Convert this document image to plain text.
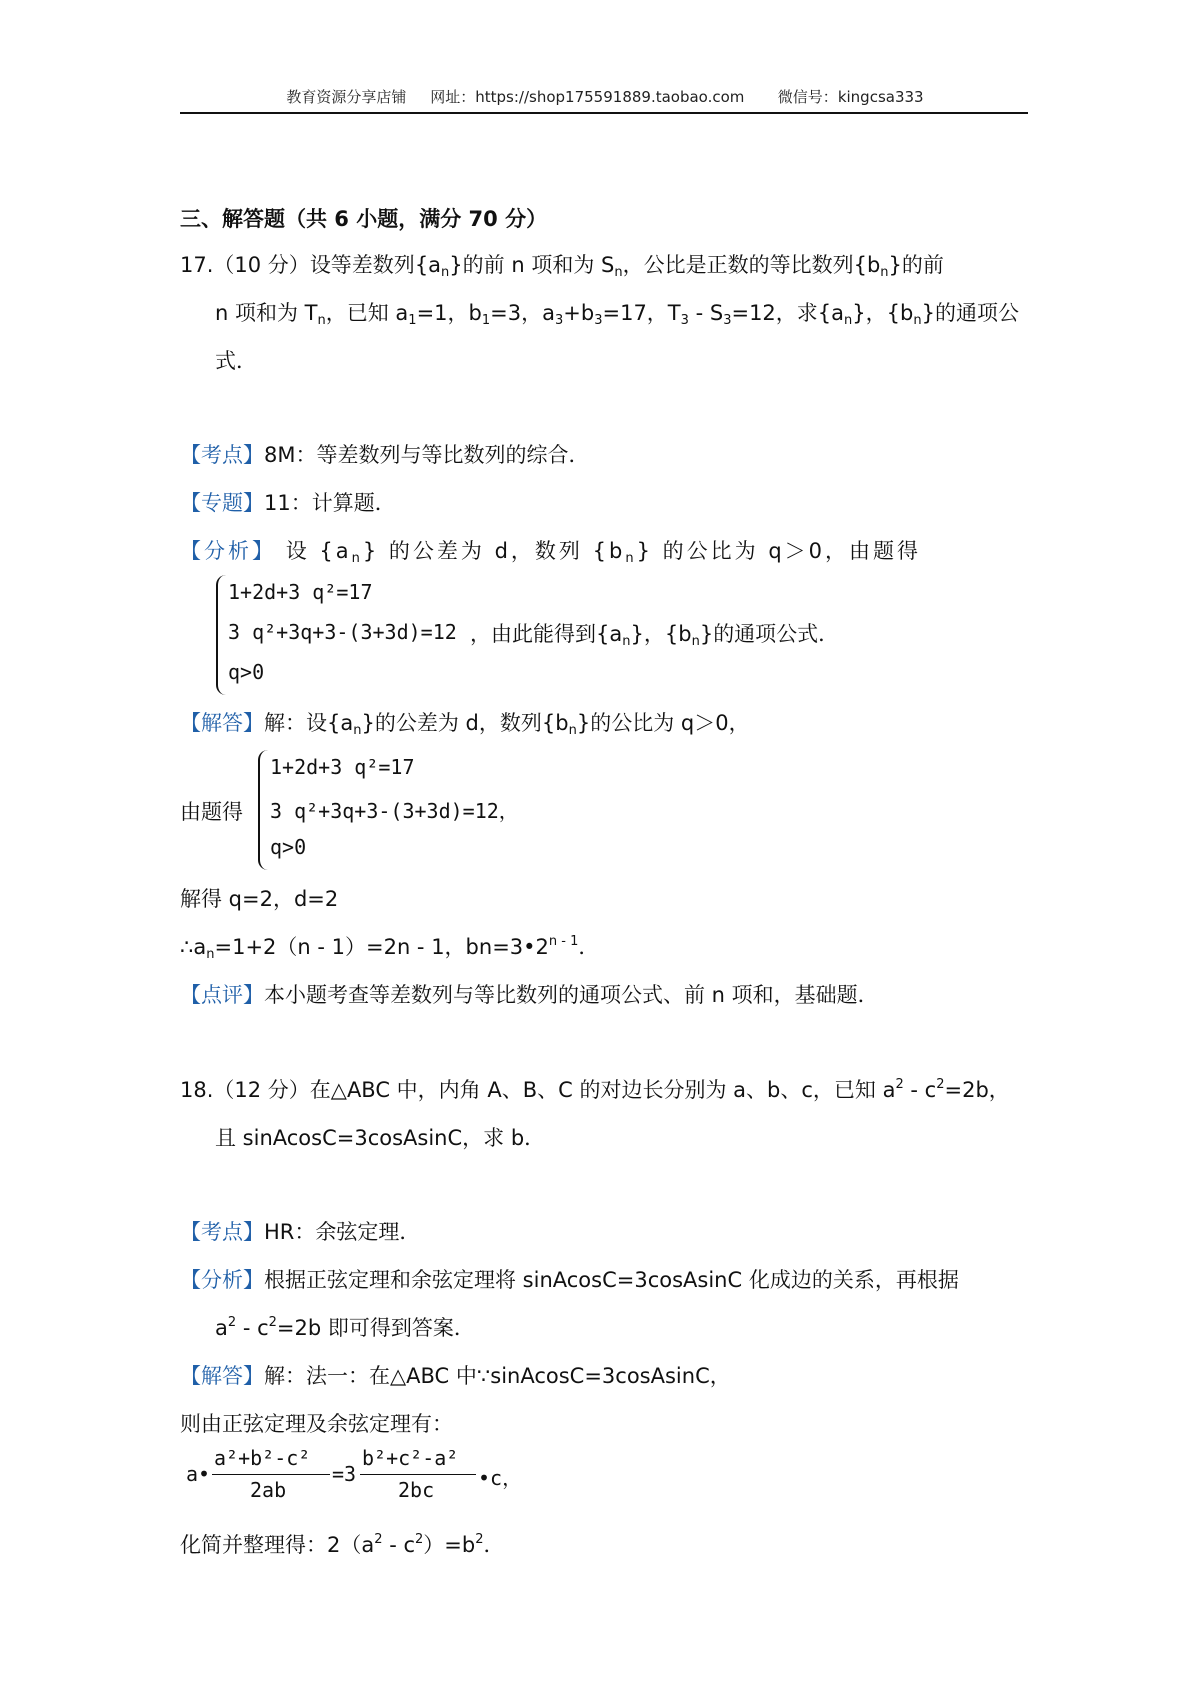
教育资源分享店铺 网址：https://shop175591889.taobao.com 微信号：kingcsa333
三、解答题（共 6 小题，满分 70 分）
17.（10 分）设等差数列$\{a_n\}$的前 n 项和为 $S_n$，公比是正数的等比数列$\{b_n\}$的前
n 项和为 $T_n$，已知 $a_1=1$，$b_1=3$，$a_3+b_3=17$，$T_3 - S_3=12$，求$\{a_n\}$，$\{b_n\}$的通项公
式．
【考点】8M：等差数列与等比数列的综合．
【专题】11：计算题．
【分析】 设 $\{a_n\}$ 的公差为 d，数列 $\{b_n\}$ 的公比为 q＞0，由题得
1+2d+3 q²=17
3 q²+3q+3-(3+3d)=12
q>0
，由此能得到$\{a_n\}$，$\{b_n\}$的通项公式．
【解答】解：设$\{a_n\}$的公差为 d，数列$\{b_n\}$的公比为 q＞0，
由题得
1+2d+3 q²=17
3 q²+3q+3-(3+3d)=12，
q>0
解得 q=2，d=2
$\therefore a_n=1+2(n - 1)=2n - 1$，$bn=3•2^{n - 1}$．
【点评】本小题考查等差数列与等比数列的通项公式、前 n 项和，基础题．
18.（12 分）在△ABC 中，内角 A、B、C 的对边长分别为 a、b、c，已知 $a^2 - c^2=2b$，
且 sinAcosC=3cosAsinC，求 b．
【考点】HR：余弦定理．
【分析】根据正弦定理和余弦定理将 sinAcosC=3cosAsinC 化成边的关系，再根据
$a^2 - c^2=2b$ 即可得到答案．
【解答】解：法一：在△ABC 中∵sinAcosC=3cosAsinC，
则由正弦定理及余弦定理有：
a•
a²+b²-c²
2ab
=3
b²+c²-a²
2bc •c，
化简并整理得：$2(a^2 - c^2)=b^2$．
